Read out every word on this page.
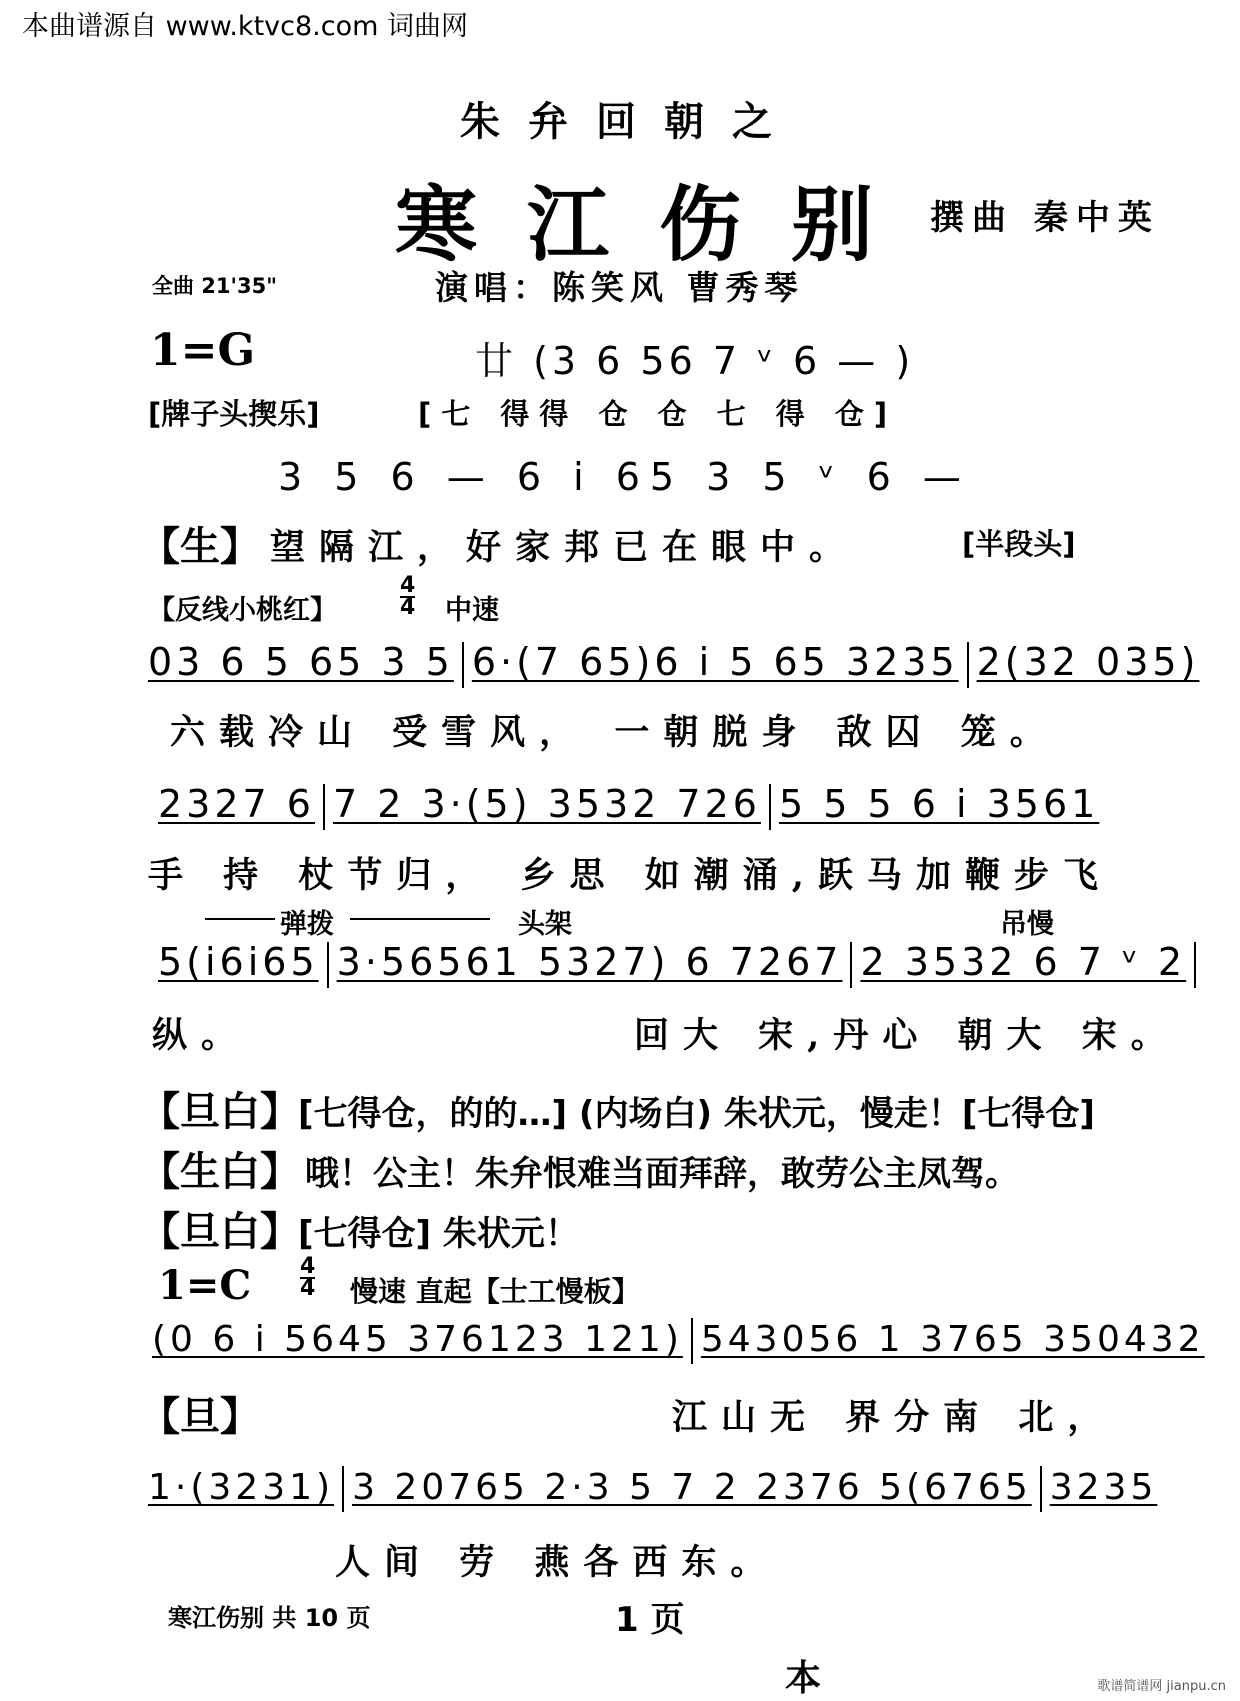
本曲谱源自 www.ktvc8.com 词曲网
朱弁回朝之
寒江伤别 撰曲 秦中英
全曲 21'35"	演唱：陈笑风 曹秀琴
1=G	廿 (3 6 56 7 ᵛ 6 — )
[牌子头揳乐]	[七 得得 仓 仓 七 得 仓]
3 5 6 — 6 i 65 3 5 ᵛ 6 —
【生】 望隔江，好家邦已在眼中。	[半段头]
【反线小桃红】	$\frac{4}{4}$ 中速
03 6 5 65 3 5 6·(7 65)6 i 5 65 3235 2(32 035)
六载冷山 受雪风， 一朝脱身 敌囚 笼。
2327 6 7 2 3·(5) 3532 726 5 5 5 6 i 3561
手 持 杖节归， 乡思 如潮涌,跃马加鞭步飞
弹拨	头架	吊慢
5(i6i65 3·56561 5327) 6 7267 2 3532 6 7 ᵛ 2
纵。	回大 宋,丹心 朝大 宋。
【旦白】
[七得仓，的的…] (内场白) 朱状元，慢走！[七得仓]
【生白】 哦！公主！朱弁恨难当面拜辞，敢劳公主凤驾。
【旦白】
[七得仓] 朱状元！
$1=C \frac{4}{4}$ 慢速 直起【士工慢板】
(0 6 i 5645 376123 121) 543056 1 3765 350432
【旦】	江山无 界分南 北，
1·(3231) 3 20765 2·3 5 7 2 2376 5(6765 3235
人间 劳 燕各西东。
寒江伤别 共 10 页	1 页
本	歌谱简谱网 jianpu.cn
